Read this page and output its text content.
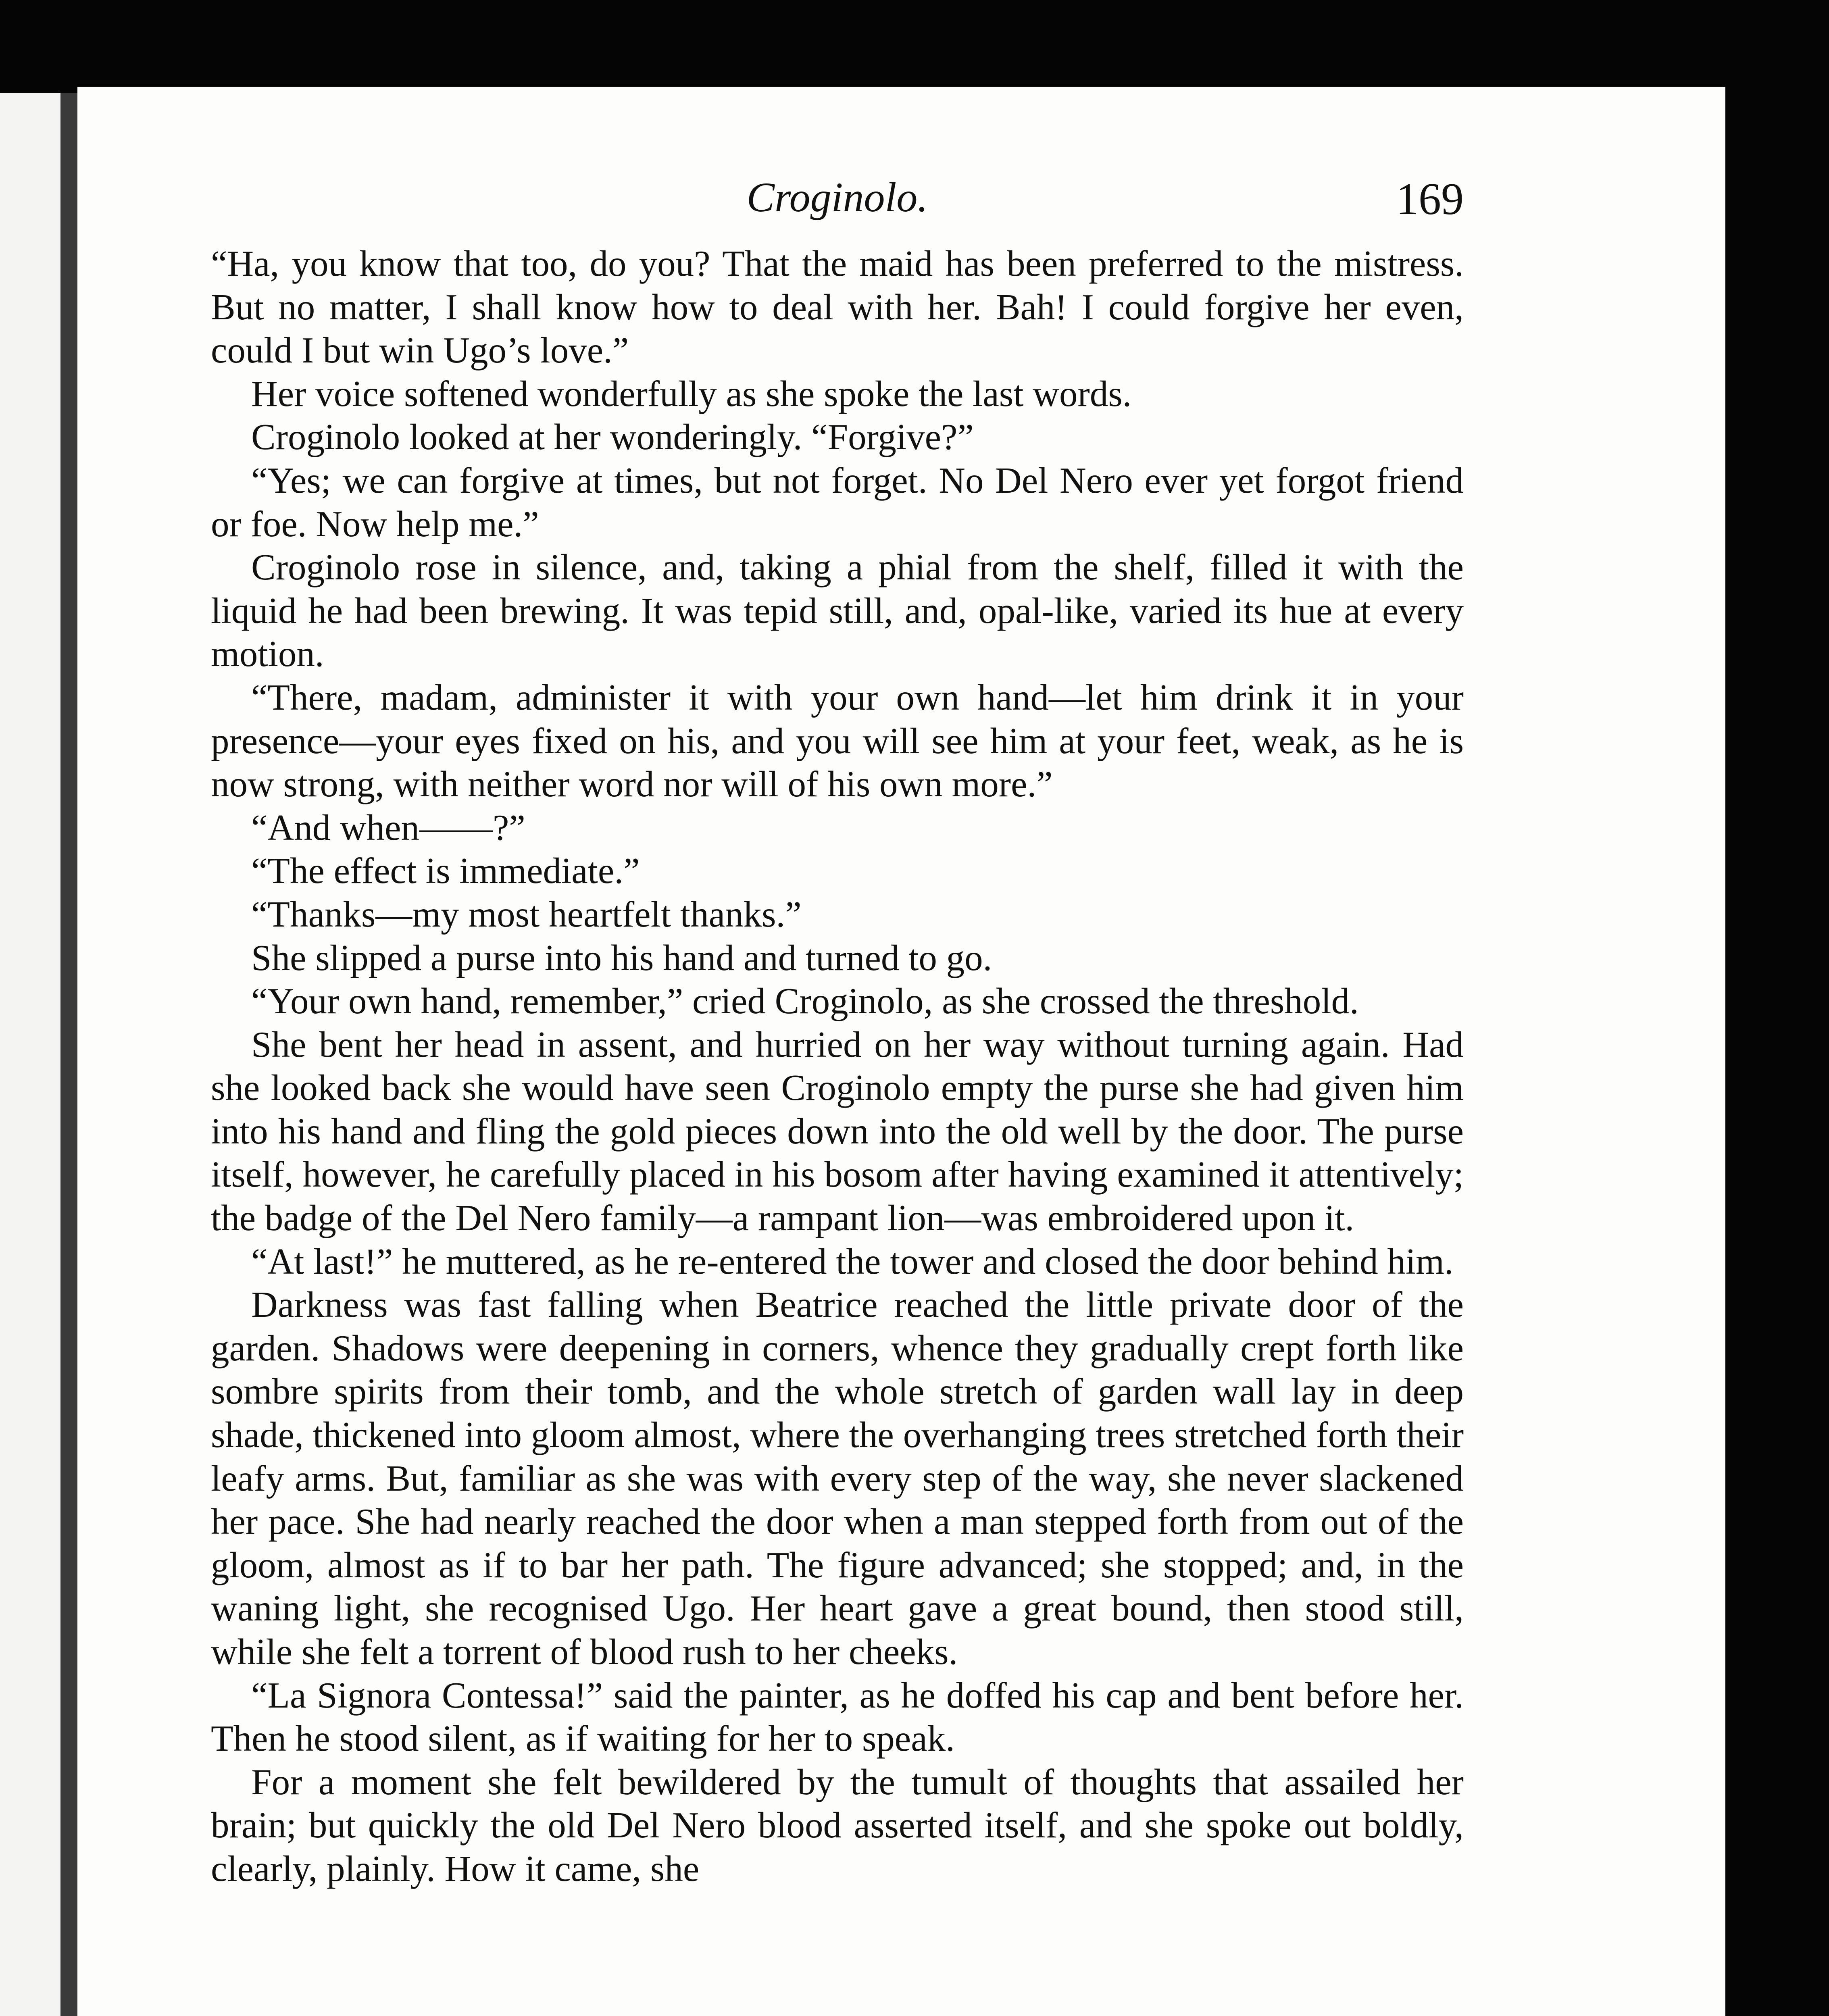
Croginolo.	169

“Ha, you know that too, do you? That the maid has been preferred to the mistress. But no matter, I shall know how to deal with her. Bah! I could forgive her even, could I but win Ugo’s love.”

Her voice softened wonderfully as she spoke the last words.

Croginolo looked at her wonderingly. “Forgive?”

“Yes; we can forgive at times, but not forget. No Del Nero ever yet forgot friend or foe. Now help me.”

Croginolo rose in silence, and, taking a phial from the shelf, filled it with the liquid he had been brewing. It was tepid still, and, opal-like, varied its hue at every motion.

“There, madam, administer it with your own hand—let him drink it in your presence—your eyes fixed on his, and you will see him at your feet, weak, as he is now strong, with neither word nor will of his own more.”

“And when——?”

“The effect is immediate.”

“Thanks—my most heartfelt thanks.”

She slipped a purse into his hand and turned to go.

“Your own hand, remember,” cried Croginolo, as she crossed the threshold.

She bent her head in assent, and hurried on her way without turning again. Had she looked back she would have seen Croginolo empty the purse she had given him into his hand and fling the gold pieces down into the old well by the door. The purse itself, however, he carefully placed in his bosom after having examined it attentively; the badge of the Del Nero family—a rampant lion—was embroidered upon it.

“At last!” he muttered, as he re-entered the tower and closed the door behind him.

Darkness was fast falling when Beatrice reached the little private door of the garden. Shadows were deepening in corners, whence they gradually crept forth like sombre spirits from their tomb, and the whole stretch of garden wall lay in deep shade, thickened into gloom almost, where the overhanging trees stretched forth their leafy arms. But, familiar as she was with every step of the way, she never slackened her pace. She had nearly reached the door when a man stepped forth from out of the gloom, almost as if to bar her path. The figure advanced; she stopped; and, in the waning light, she recognised Ugo. Her heart gave a great bound, then stood still, while she felt a torrent of blood rush to her cheeks.

“La Signora Contessa!” said the painter, as he doffed his cap and bent before her. Then he stood silent, as if waiting for her to speak.

For a moment she felt bewildered by the tumult of thoughts that assailed her brain; but quickly the old Del Nero blood asserted itself, and she spoke out boldly, clearly, plainly. How it came, she
